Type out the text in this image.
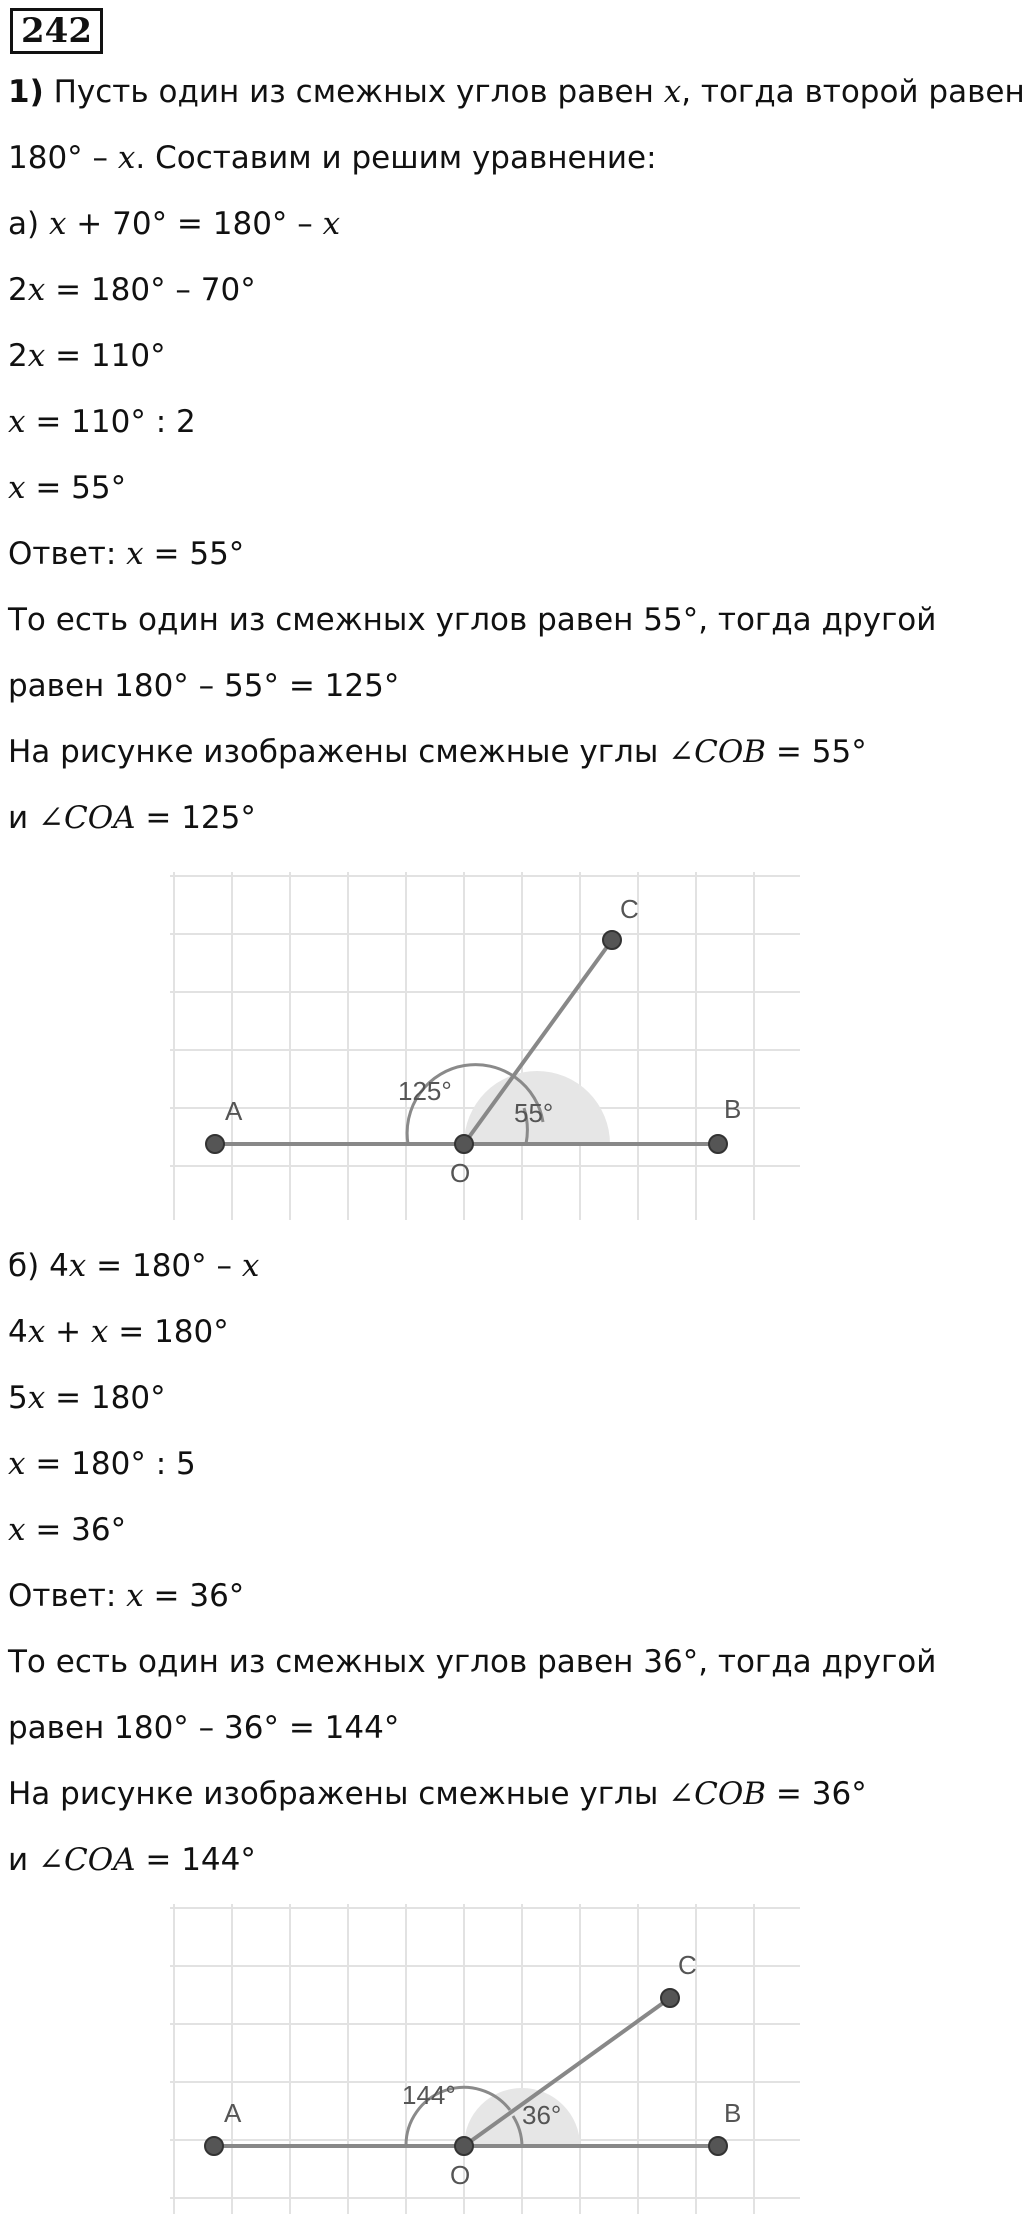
242
1) Пусть один из смежных углов равен x, тогда второй равен
180° – x. Составим и решим уравнение:
а) x + 70° = 180° – x
2x = 180° – 70°
2x = 110°
x = 110° : 2
x = 55°
Ответ: x = 55°
То есть один из смежных углов равен 55°, тогда другой
равен 180° – 55° = 125°
На рисунке изображены смежные углы ∠COB = 55°
и ∠COA = 125°
A	B
C
O
125°
55°
б) 4x = 180° – x
4x + x = 180°
5x = 180°
x = 180° : 5
x = 36°
Ответ: x = 36°
То есть один из смежных углов равен 36°, тогда другой
равен 180° – 36° = 144°
На рисунке изображены смежные углы ∠COB = 36°
и ∠COA = 144°
A	B
C
O
144°
36°
